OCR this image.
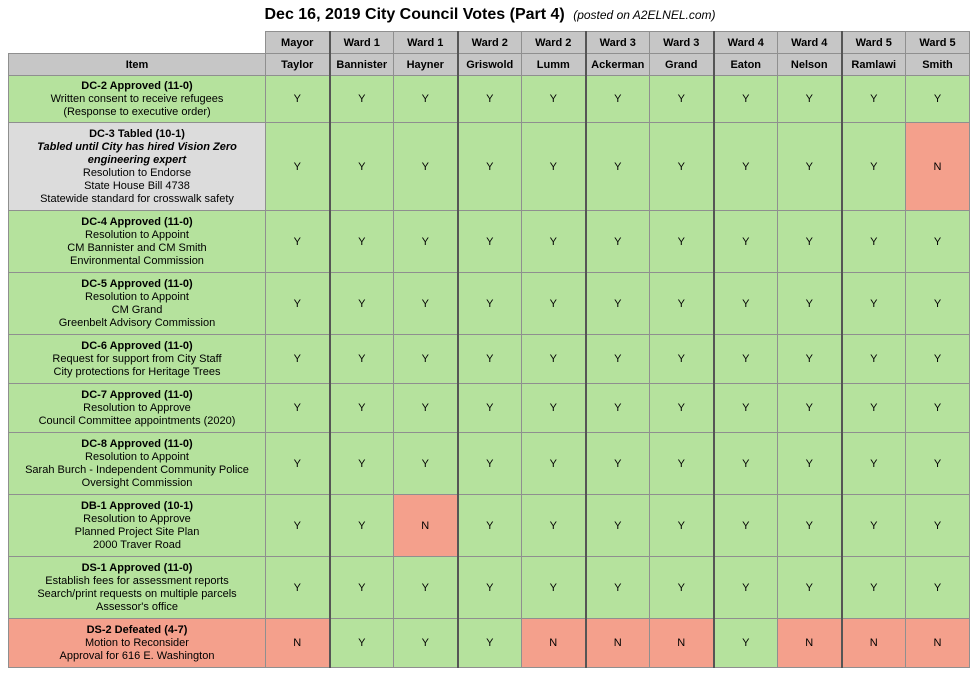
Dec 16, 2019 City Council Votes (Part 4) (posted on A2ELNEL.com)
	Mayor	Ward 1	Ward 1	Ward 2	Ward 2	Ward 3	Ward 3	Ward 4	Ward 4	Ward 5	Ward 5
Item	Taylor	Bannister	Hayner	Griswold	Lumm	Ackerman	Grand	Eaton	Nelson	Ramlawi	Smith

DC-2 Approved (11-0)
Written consent to receive refugees
(Response to executive order)	Y	Y	Y	Y	Y	Y	Y	Y	Y	Y	Y

DC-3 Tabled (10-1)
Tabled until City has hired Vision Zero engineering expert
Resolution to Endorse
State House Bill 4738
Statewide standard for crosswalk safety	Y	Y	Y	Y	Y	Y	Y	Y	Y	Y	N

DC-4 Approved (11-0)
Resolution to Appoint
CM Bannister and CM Smith
Environmental Commission	Y	Y	Y	Y	Y	Y	Y	Y	Y	Y	Y

DC-5 Approved (11-0)
Resolution to Appoint
CM Grand
Greenbelt Advisory Commission	Y	Y	Y	Y	Y	Y	Y	Y	Y	Y	Y

DC-6 Approved (11-0)
Request for support from City Staff
City protections for Heritage Trees	Y	Y	Y	Y	Y	Y	Y	Y	Y	Y	Y

DC-7 Approved (11-0)
Resolution to Approve
Council Committee appointments (2020)	Y	Y	Y	Y	Y	Y	Y	Y	Y	Y	Y

DC-8 Approved (11-0)
Resolution to Appoint
Sarah Burch - Independent Community Police
Oversight Commission	Y	Y	Y	Y	Y	Y	Y	Y	Y	Y	Y

DB-1 Approved (10-1)
Resolution to Approve
Planned Project Site Plan
2000 Traver Road	Y	Y	N	Y	Y	Y	Y	Y	Y	Y	Y

DS-1 Approved (11-0)
Establish fees for assessment reports
Search/print requests on multiple parcels
Assessor's office	Y	Y	Y	Y	Y	Y	Y	Y	Y	Y	Y

DS-2 Defeated (4-7)
Motion to Reconsider
Approval for 616 E. Washington	N	Y	Y	Y	N	N	N	Y	N	N	N
